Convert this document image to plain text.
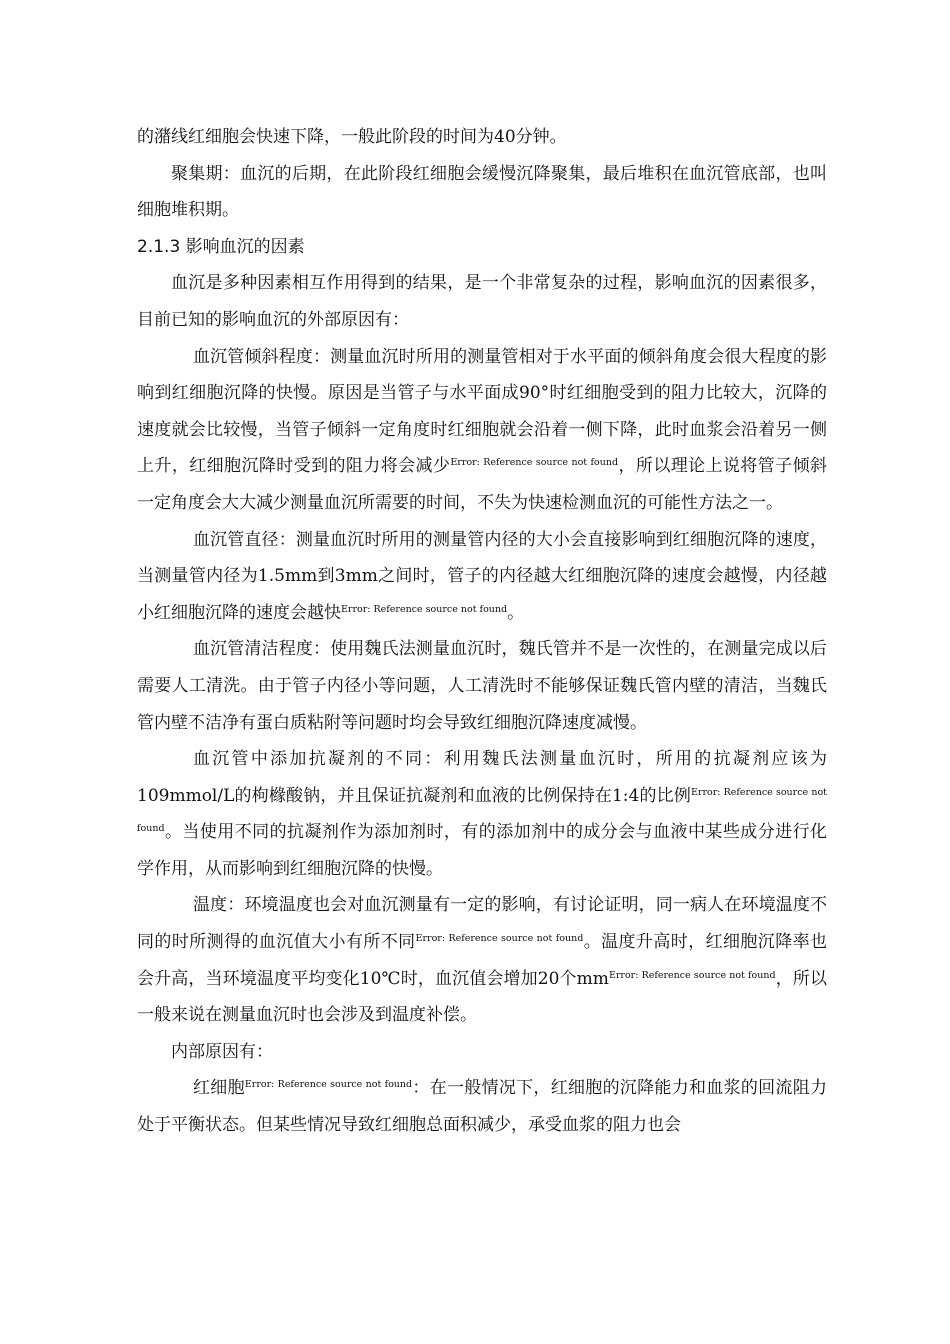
的潴线红细胞会快速下降，一般此阶段的时间为40分钟。

聚集期：血沉的后期，在此阶段红细胞会缓慢沉降聚集，最后堆积在血沉管底部，也叫细胞堆积期。

2.1.3 影响血沉的因素

血沉是多种因素相互作用得到的结果，是一个非常复杂的过程，影响血沉的因素很多，目前已知的影响血沉的外部原因有：

血沉管倾斜程度：测量血沉时所用的测量管相对于水平面的倾斜角度会很大程度的影响到红细胞沉降的快慢。原因是当管子与水平面成90°时红细胞受到的阻力比较大，沉降的速度就会比较慢，当管子倾斜一定角度时红细胞就会沿着一侧下降，此时血浆会沿着另一侧上升，红细胞沉降时受到的阻力将会减少$^{Error: Reference source not found}$，所以理论上说将管子倾斜一定角度会大大减少测量血沉所需要的时间，不失为快速检测血沉的可能性方法之一。

血沉管直径：测量血沉时所用的测量管内径的大小会直接影响到红细胞沉降的速度，当测量管内径为1.5mm到3mm之间时，管子的内径越大红细胞沉降的速度会越慢，内径越小红细胞沉降的速度会越快$^{Error: Reference source not found}$。

血沉管清洁程度：使用魏氏法测量血沉时，魏氏管并不是一次性的，在测量完成以后需要人工清洗。由于管子内径小等问题，人工清洗时不能够保证魏氏管内壁的清洁，当魏氏管内壁不洁净有蛋白质粘附等问题时均会导致红细胞沉降速度减慢。

血沉管中添加抗凝剂的不同：利用魏氏法测量血沉时，所用的抗凝剂应该为109mmol/L的枸橼酸钠，并且保证抗凝剂和血液的比例保持在1:4的比例$^{Error: Reference source not found}$。当使用不同的抗凝剂作为添加剂时，有的添加剂中的成分会与血液中某些成分进行化学作用，从而影响到红细胞沉降的快慢。

温度：环境温度也会对血沉测量有一定的影响，有讨论证明，同一病人在环境温度不同的时所测得的血沉值大小有所不同$^{Error: Reference source not found}$。温度升高时，红细胞沉降率也会升高，当环境温度平均变化10℃时，血沉值会增加20个mm$^{Error: Reference source not found}$，所以一般来说在测量血沉时也会涉及到温度补偿。

内部原因有：

红细胞$^{Error: Reference source not found}$：在一般情况下，红细胞的沉降能力和血浆的回流阻力处于平衡状态。但某些情况导致红细胞总面积减少，承受血浆的阻力也会
